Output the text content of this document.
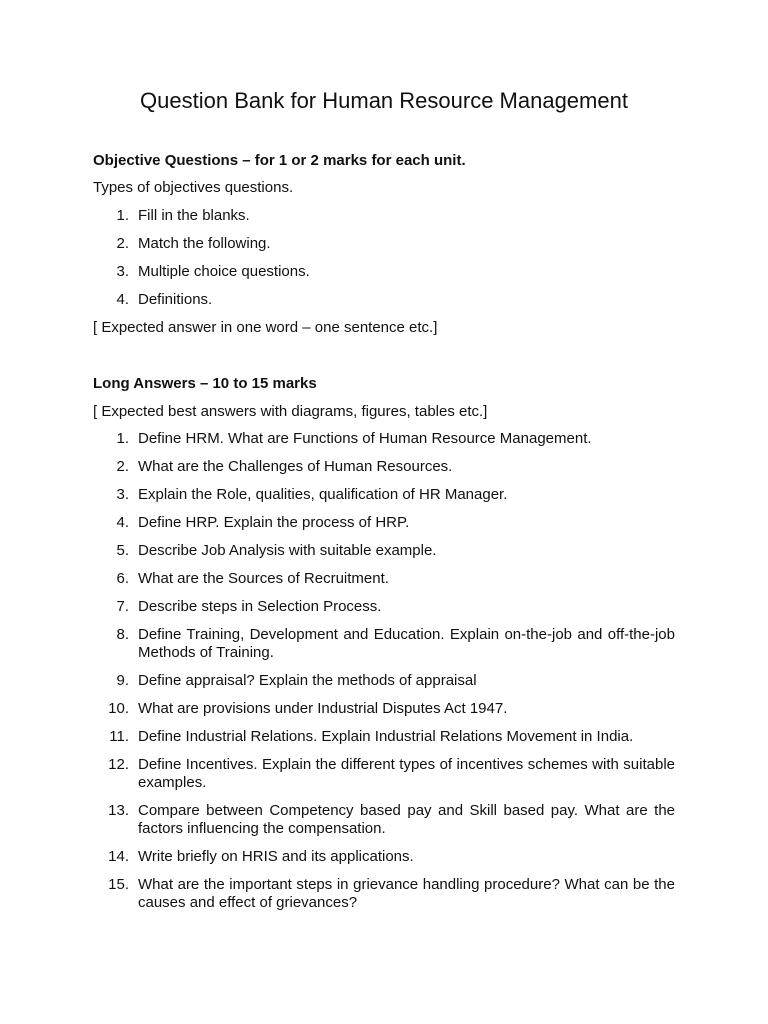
Question Bank for Human Resource Management

Objective Questions – for 1 or 2 marks for each unit.

Types of objectives questions.

1. Fill in the blanks.
2. Match the following.
3. Multiple choice questions.
4. Definitions.

[ Expected answer in one word – one sentence etc.]

Long Answers – 10 to 15 marks

[ Expected best answers with diagrams, figures, tables etc.]

1. Define HRM. What are Functions of Human Resource Management.
2. What are the Challenges of Human Resources.
3. Explain the Role, qualities, qualification of HR Manager.
4. Define HRP. Explain the process of HRP.
5. Describe Job Analysis with suitable example.
6. What are the Sources of Recruitment.
7. Describe steps in Selection Process.
8. Define Training, Development and Education. Explain on-the-job and off-the-job Methods of Training.
9. Define appraisal? Explain the methods of appraisal
10. What are provisions under Industrial Disputes Act 1947.
11. Define Industrial Relations. Explain Industrial Relations Movement in India.
12. Define Incentives. Explain the different types of incentives schemes with suitable examples.
13. Compare between Competency based pay and Skill based pay. What are the factors influencing the compensation.
14. Write briefly on HRIS and its applications.
15. What are the important steps in grievance handling procedure? What can be the causes and effect of grievances?
